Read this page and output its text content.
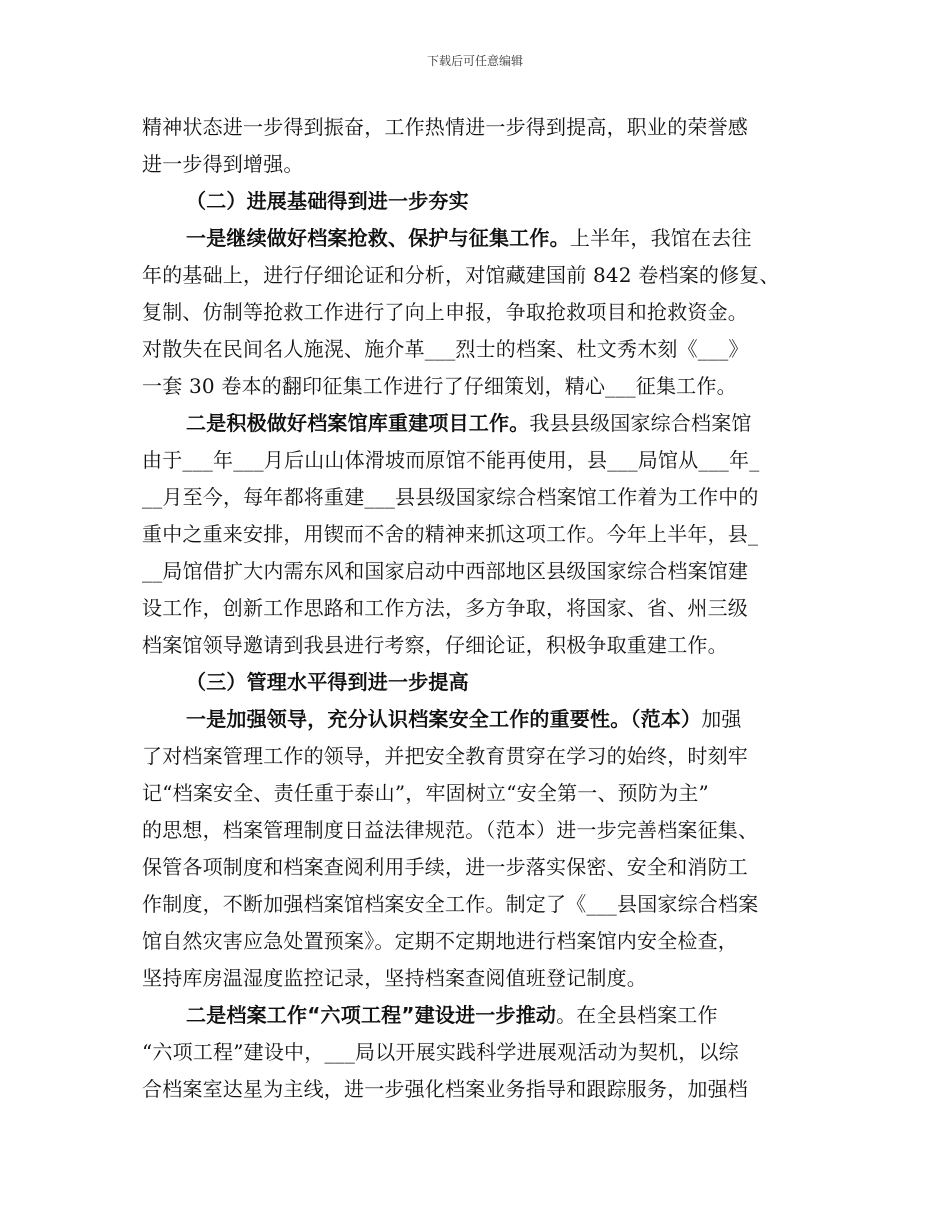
下载后可任意编辑
精神状态进一步得到振奋，工作热情进一步得到提高，职业的荣誉感
进一步得到增强。
（二）进展基础得到进一步夯实
一是继续做好档案抢救、保护与征集工作。上半年，我馆在去往
年的基础上，进行仔细论证和分析，对馆藏建国前 842 卷档案的修复、
复制、仿制等抢救工作进行了向上申报，争取抢救项目和抢救资金。
对散失在民间名人施滉、施介革___烈士的档案、杜文秀木刻《___》
一套 30 卷本的翻印征集工作进行了仔细策划，精心___征集工作。
二是积极做好档案馆库重建项目工作。我县县级国家综合档案馆
由于___年___月后山山体滑坡而原馆不能再使用，县___局馆从___年_
__月至今，每年都将重建___县县级国家综合档案馆工作着为工作中的
重中之重来安排，用锲而不舍的精神来抓这项工作。今年上半年，县_
__局馆借扩大内需东风和国家启动中西部地区县级国家综合档案馆建
设工作，创新工作思路和工作方法，多方争取，将国家、省、州三级
档案馆领导邀请到我县进行考察，仔细论证，积极争取重建工作。
（三）管理水平得到进一步提高
一是加强领导，充分认识档案安全工作的重要性。（范本）加强
了对档案管理工作的领导，并把安全教育贯穿在学习的始终，时刻牢
记“档案安全、责任重于泰山”，牢固树立“安全第一、预防为主”
的思想，档案管理制度日益法律规范。（范本）进一步完善档案征集、
保管各项制度和档案查阅利用手续，进一步落实保密、安全和消防工
作制度，不断加强档案馆档案安全工作。制定了《___县国家综合档案
馆自然灾害应急处置预案》。定期不定期地进行档案馆内安全检查，
坚持库房温湿度监控记录，坚持档案查阅值班登记制度。
二是档案工作“六项工程”建设进一步推动。在全县档案工作
“六项工程”建设中，___局以开展实践科学进展观活动为契机，以综
合档案室达星为主线，进一步强化档案业务指导和跟踪服务，加强档
